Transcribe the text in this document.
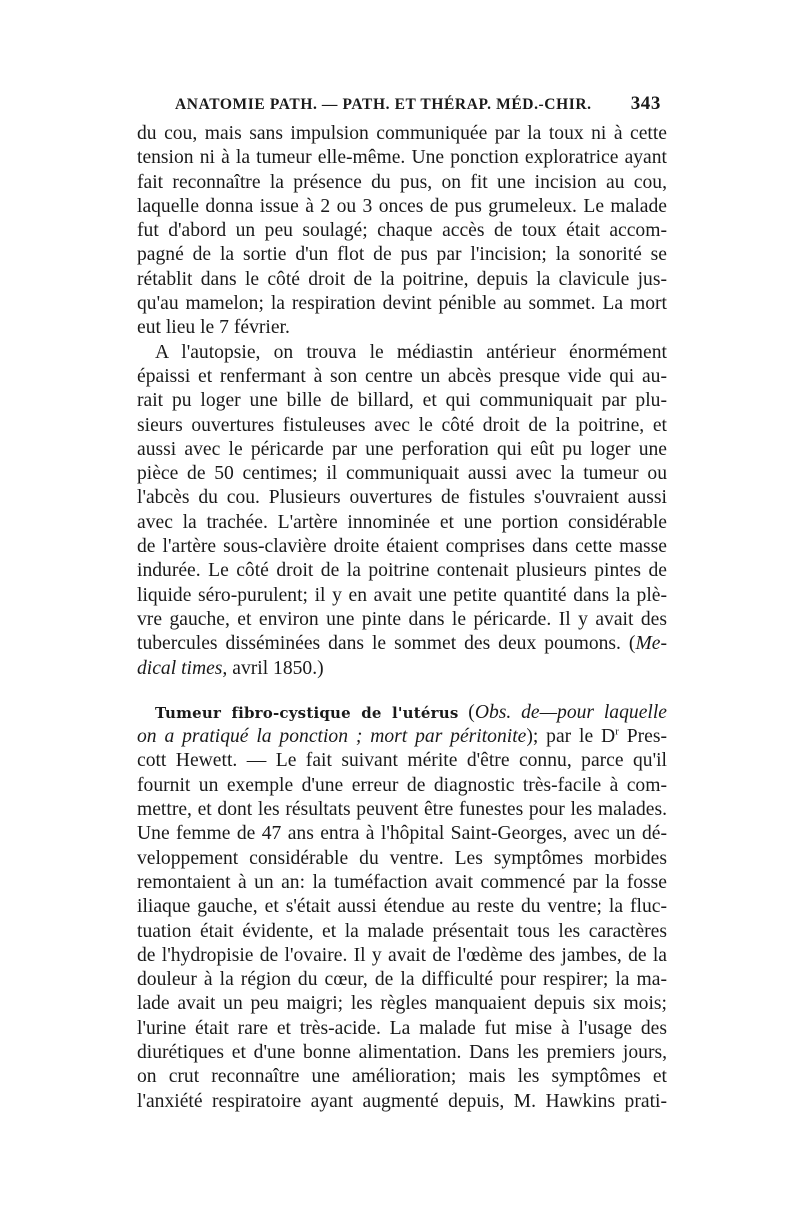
ANATOMIE PATH. — PATH. ET THÉRAP. MÉD.-CHIR. 343
du cou, mais sans impulsion communiquée par la toux ni à cette
tension ni à la tumeur elle-même. Une ponction exploratrice ayant
fait reconnaître la présence du pus, on fit une incision au cou,
laquelle donna issue à 2 ou 3 onces de pus grumeleux. Le malade
fut d'abord un peu soulagé; chaque accès de toux était accom-
pagné de la sortie d'un flot de pus par l'incision; la sonorité se
rétablit dans le côté droit de la poitrine, depuis la clavicule jus-
qu'au mamelon; la respiration devint pénible au sommet. La mort
eut lieu le 7 février.
A l'autopsie, on trouva le médiastin antérieur énormément
épaissi et renfermant à son centre un abcès presque vide qui au-
rait pu loger une bille de billard, et qui communiquait par plu-
sieurs ouvertures fistuleuses avec le côté droit de la poitrine, et
aussi avec le péricarde par une perforation qui eût pu loger une
pièce de 50 centimes; il communiquait aussi avec la tumeur ou
l'abcès du cou. Plusieurs ouvertures de fistules s'ouvraient aussi
avec la trachée. L'artère innominée et une portion considérable
de l'artère sous-clavière droite étaient comprises dans cette masse
indurée. Le côté droit de la poitrine contenait plusieurs pintes de
liquide séro-purulent; il y en avait une petite quantité dans la plè-
vre gauche, et environ une pinte dans le péricarde. Il y avait des
tubercules disséminées dans le sommet des deux poumons. (Me-
dical times, avril 1850.)
Tumeur fibro-cystique de l'utérus (Obs. de—pour laquelle
on a pratiqué la ponction ; mort par péritonite); par le $D^r$ Pres-
cott Hewett. — Le fait suivant mérite d'être connu, parce qu'il
fournit un exemple d'une erreur de diagnostic très-facile à com-
mettre, et dont les résultats peuvent être funestes pour les malades.
Une femme de 47 ans entra à l'hôpital Saint-Georges, avec un dé-
veloppement considérable du ventre. Les symptômes morbides
remontaient à un an: la tuméfaction avait commencé par la fosse
iliaque gauche, et s'était aussi étendue au reste du ventre; la fluc-
tuation était évidente, et la malade présentait tous les caractères
de l'hydropisie de l'ovaire. Il y avait de l'œdème des jambes, de la
douleur à la région du cœur, de la difficulté pour respirer; la ma-
lade avait un peu maigri; les règles manquaient depuis six mois;
l'urine était rare et très-acide. La malade fut mise à l'usage des
diurétiques et d'une bonne alimentation. Dans les premiers jours,
on crut reconnaître une amélioration; mais les symptômes et
l'anxiété respiratoire ayant augmenté depuis, M. Hawkins prati-
